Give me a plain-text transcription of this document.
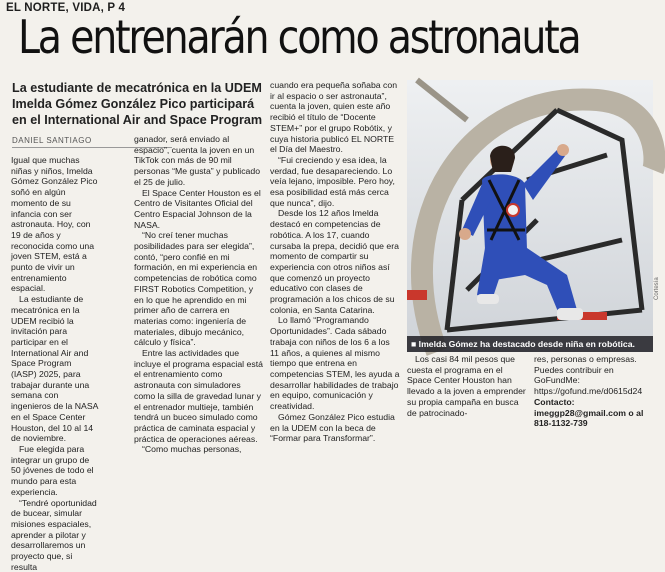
EL NORTE, VIDA, P 4
La entrenarán como astronauta
La estudiante de mecatrónica en la UDEM Imelda Gómez González Pico participará en el International Air and Space Program
DANIEL SANTIAGO

Igual que muchas niñas y niños, Imelda Gómez González Pico soñó en algún momento de su infancia con ser astronauta. Hoy, con 19 de años y reconocida como una joven STEM, está a punto de vivir un entrenamiento espacial.

La estudiante de mecatrónica en la UDEM recibió la invitación para participar en el International Air and Space Program (IASP) 2025, para trabajar durante una semana con ingenieros de la NASA en el Space Center Houston, del 10 al 14 de noviembre.

Fue elegida para integrar un grupo de 50 jóvenes de todo el mundo para esta experiencia.

“Tendré oportunidad de bucear, simular misiones espaciales, aprender a pilotar y desarrollaremos un proyecto que, si resulta

ganador, será enviado al espacio”, cuenta la joven en un TikTok con más de 90 mil personas “Me gusta” y publicado el 25 de julio.

El Space Center Houston es el Centro de Visitantes Oficial del Centro Espacial Johnson de la NASA.

“No creí tener muchas posibilidades para ser elegida”, contó, “pero confié en mi formación, en mi experiencia en competencias de robótica como FIRST Robotics Competition, y en lo que he aprendido en mi primer año de carrera en materias como: ingeniería de materiales, dibujo mecánico, cálculo y física”.

Entre las actividades que incluye el programa espacial está el entrenamiento como astronauta con simuladores como la silla de gravedad lunar y el entrenador multieje, también tendrá un buceo simulado como práctica de caminata espacial y práctica de operaciones aéreas.

“Como muchas personas,

cuando era pequeña soñaba con ir al espacio o ser astronauta”, cuenta la joven, quien este año recibió el título de “Docente STEM+” por el grupo Robótix, y cuya historia publicó EL NORTE el Día del Maestro.

“Fui creciendo y esa idea, la verdad, fue desapareciendo. Lo veía lejano, imposible. Pero hoy, esa posibilidad está más cerca que nunca”, dijo.

Desde los 12 años Imelda destacó en competencias de robótica. A los 17, cuando cursaba la prepa, decidió que era momento de compartir su experiencia con otros niños así que comenzó un proyecto educativo con clases de programación a los chicos de su colonia, en Santa Catarina.

Lo llamó “Programando Oportunidades”. Cada sábado trabaja con niños de los 6 a los 11 años, a quienes al mismo tiempo que entrena en competencias STEM, les ayuda a desarrollar habilidades de trabajo en equipo, comunicación y creatividad.

Gómez González Pico estudia en la UDEM con la beca de “Formar para Transformar”.

■ Imelda Gómez ha destacado desde niña en robótica.
Cortesía

Los casi 84 mil pesos que cuesta el programa en el Space Center Houston han llevado a la joven a emprender su propia campaña en busca de patrocinado-

res, personas o empresas. Puedes contribuir en GoFundMe: https://gofund.me/d0615d24

Contacto: imeggp28@gmail.com o al 818-1132-739
